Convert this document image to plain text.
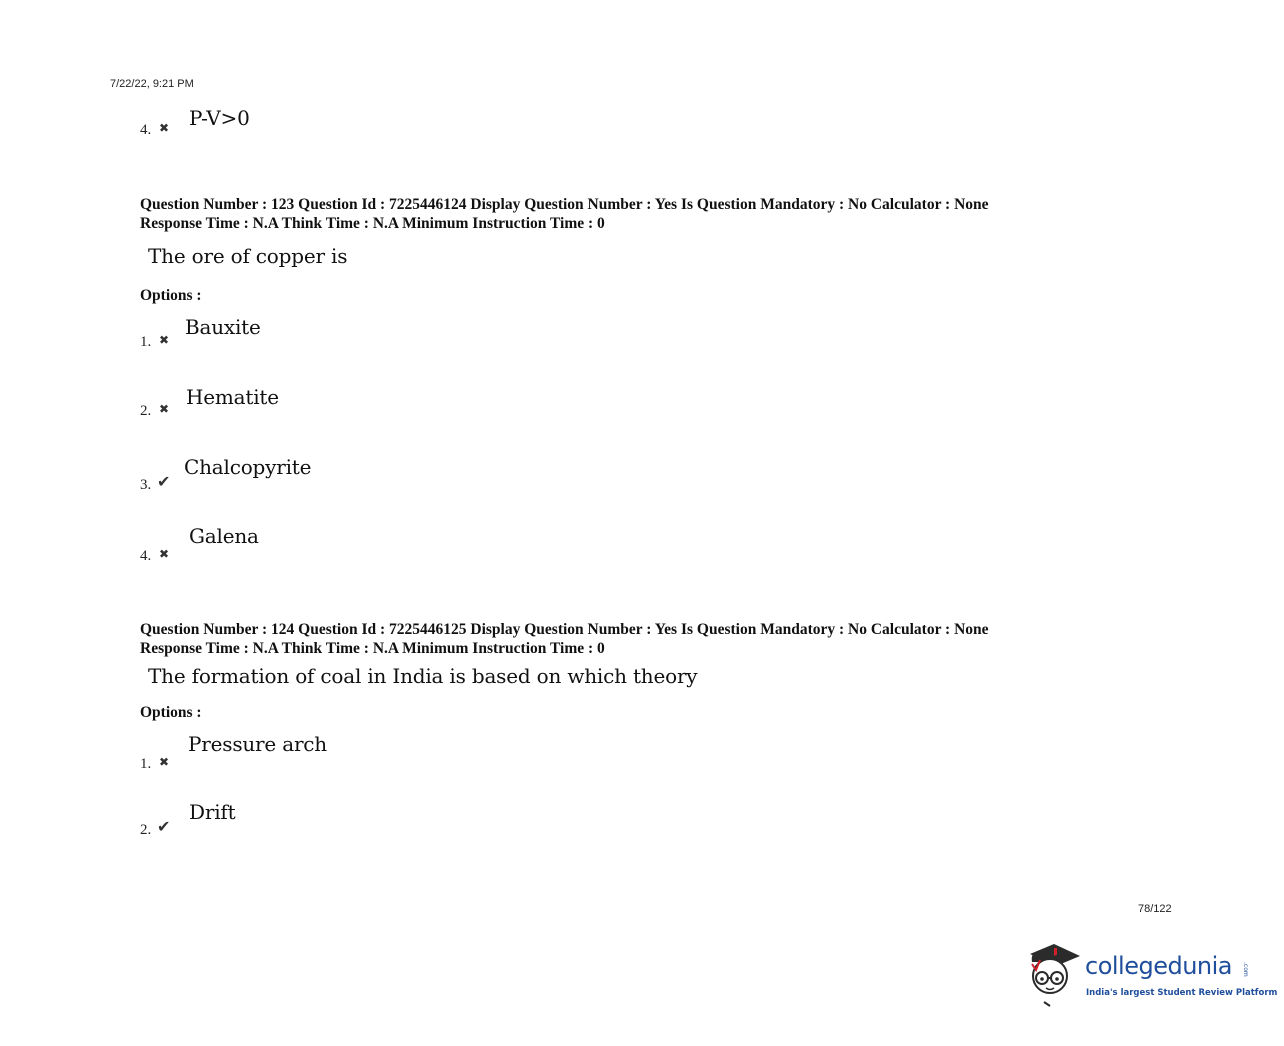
7/22/22, 9:21 PM
4. ✖ P-V>0
Question Number : 123 Question Id : 7225446124 Display Question Number : Yes Is Question Mandatory : No Calculator : None
Response Time : N.A Think Time : N.A Minimum Instruction Time : 0
The ore of copper is
Options :
1. ✖
Bauxite
2. ✖ Hematite
3. ✔
Chalcopyrite
4. ✖
Galena
Question Number : 124 Question Id : 7225446125 Display Question Number : Yes Is Question Mandatory : No Calculator : None
Response Time : N.A Think Time : N.A Minimum Instruction Time : 0
The formation of coal in India is based on which theory
Options :
1. ✖
Pressure arch
2. ✔
Drift
78/122
collegedunia .com
India's largest Student Review Platform
